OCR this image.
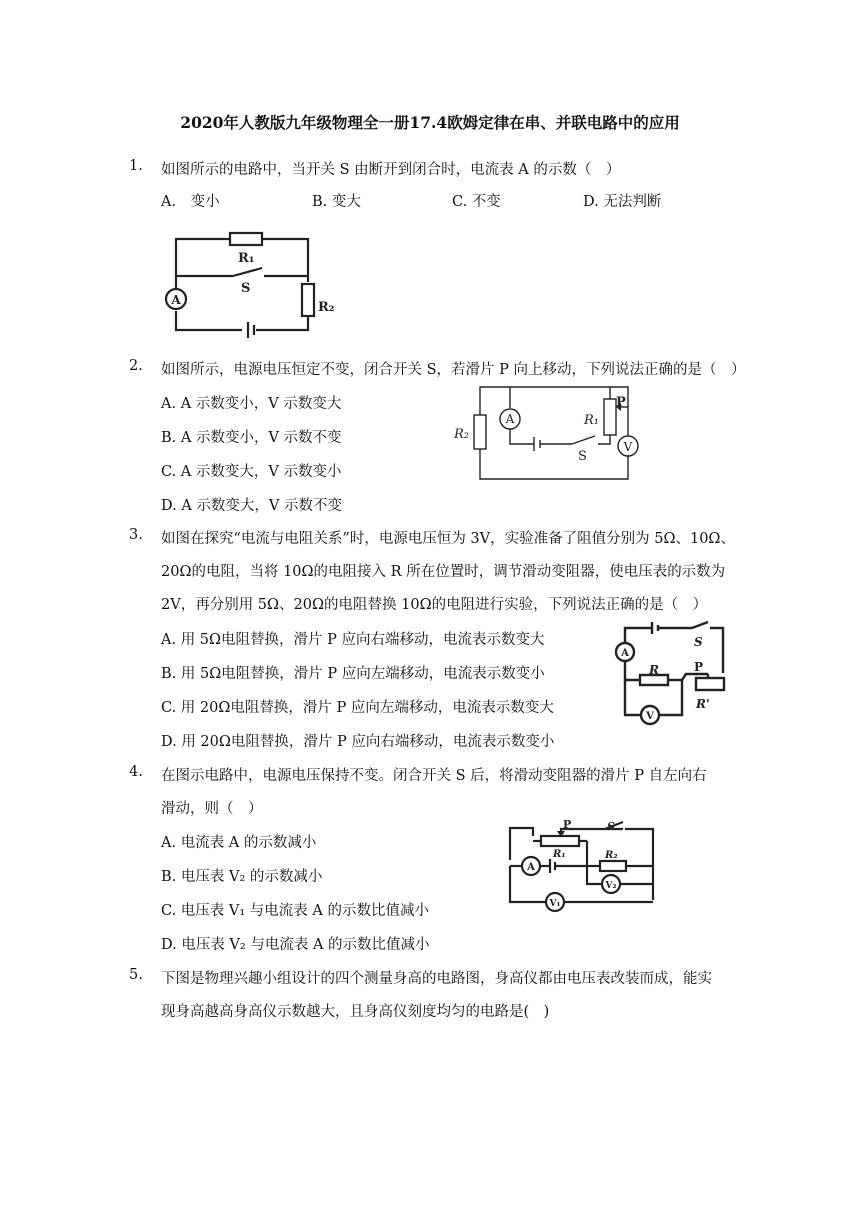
2020年人教版九年级物理全一册17.4欧姆定律在串、并联电路中的应用
1. 如图所示的电路中，当开关 S 由断开到闭合时，电流表 A 的示数（　）
A.　变小	B. 变大	C. 不变	D. 无法判断
A
R₁
S
R₂
2. 如图所示，电源电压恒定不变，闭合开关 S，若滑片 P 向上移动，下列说法正确的是（　）
A. A 示数变小，V 示数变大
B. A 示数变小，V 示数不变
C. A 示数变大，V 示数变小
D. A 示数变大，V 示数不变
A
V
R₂
R₁
P
S
3. 如图在探究“电流与电阻关系”时，电源电压恒为 3V，实验准备了阻值分别为 5Ω、10Ω、
20Ω的电阻，当将 10Ω的电阻接入 R 所在位置时，调节滑动变阻器，使电压表的示数为
2V，再分别用 5Ω、20Ω的电阻替换 10Ω的电阻进行实验，下列说法正确的是（　）
A. 用 5Ω电阻替换，滑片 P 应向右端移动，电流表示数变大
B. 用 5Ω电阻替换，滑片 P 应向左端移动，电流表示数变小
C. 用 20Ω电阻替换，滑片 P 应向左端移动，电流表示数变大
D. 用 20Ω电阻替换，滑片 P 应向右端移动，电流表示数变小
A
V
R	P
R'
S
4. 在图示电路中，电源电压保持不变。闭合开关 S 后，将滑动变阻器的滑片 P 自左向右
滑动，则（　）
A. 电流表 A 的示数减小
B. 电压表 V₂ 的示数减小
C. 电压表 V₁ 与电流表 A 的示数比值减小
D. 电压表 V₂ 与电流表 A 的示数比值减小
A
P	S
R₁	R₂
V₂
V₁
5. 下图是物理兴趣小组设计的四个测量身高的电路图，身高仪都由电压表改装而成，能实
现身高越高身高仪示数越大，且身高仪刻度均匀的电路是(　)
